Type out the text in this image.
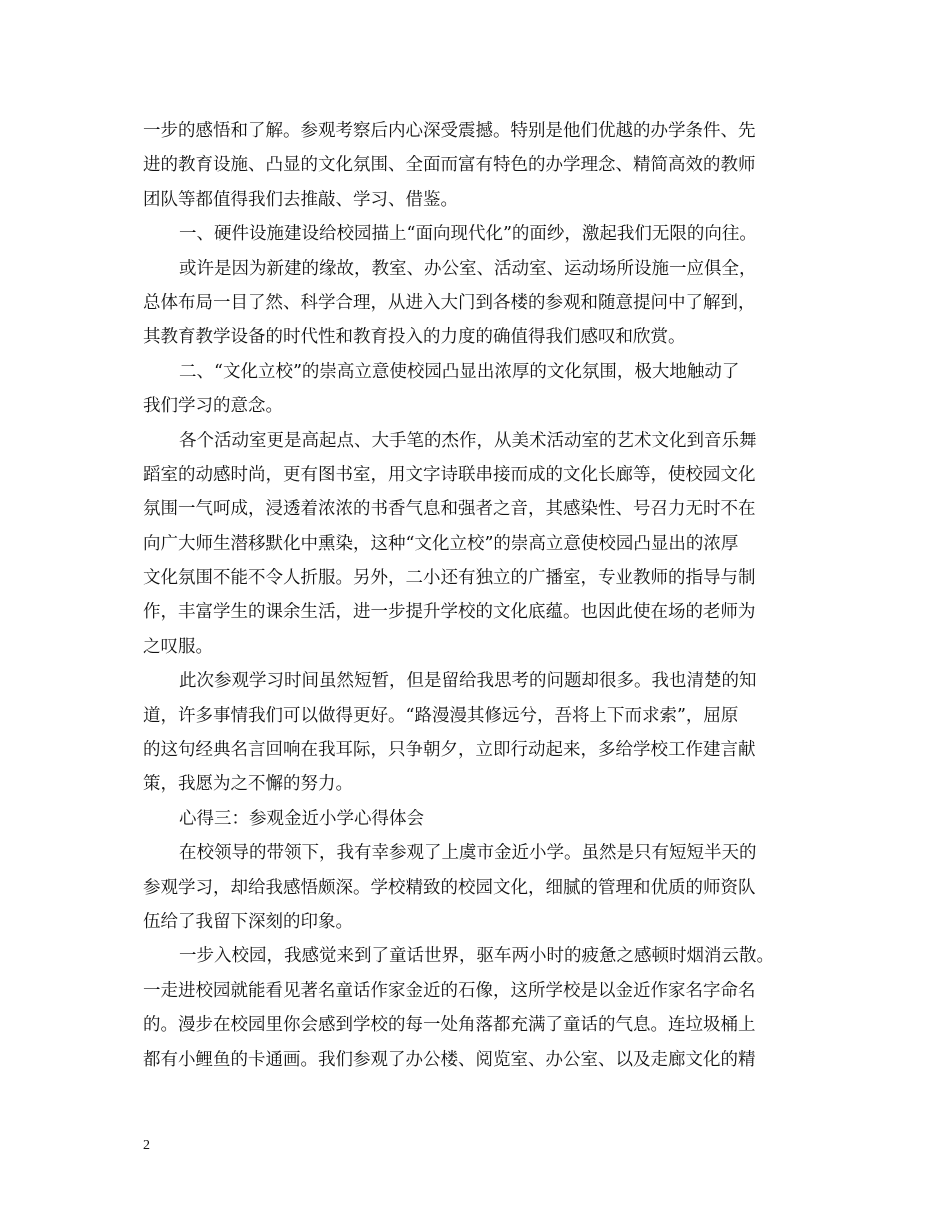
一步的感悟和了解。参观考察后内心深受震撼。特别是他们优越的办学条件、先
进的教育设施、凸显的文化氛围、全面而富有特色的办学理念、精简高效的教师
团队等都值得我们去推敲、学习、借鉴。
一、硬件设施建设给校园描上“面向现代化”的面纱，激起我们无限的向往。
或许是因为新建的缘故，教室、办公室、活动室、运动场所设施一应俱全，
总体布局一目了然、科学合理，从进入大门到各楼的参观和随意提问中了解到，
其教育教学设备的时代性和教育投入的力度的确值得我们感叹和欣赏。
二、“文化立校”的崇高立意使校园凸显出浓厚的文化氛围，极大地触动了
我们学习的意念。
各个活动室更是高起点、大手笔的杰作，从美术活动室的艺术文化到音乐舞
蹈室的动感时尚，更有图书室，用文字诗联串接而成的文化长廊等，使校园文化
氛围一气呵成，浸透着浓浓的书香气息和强者之音，其感染性、号召力无时不在
向广大师生潜移默化中熏染，这种“文化立校”的崇高立意使校园凸显出的浓厚
文化氛围不能不令人折服。另外，二小还有独立的广播室，专业教师的指导与制
作，丰富学生的课余生活，进一步提升学校的文化底蕴。也因此使在场的老师为
之叹服。
此次参观学习时间虽然短暂，但是留给我思考的问题却很多。我也清楚的知
道，许多事情我们可以做得更好。“路漫漫其修远兮，吾将上下而求索”，屈原
的这句经典名言回响在我耳际，只争朝夕，立即行动起来，多给学校工作建言献
策，我愿为之不懈的努力。
心得三：参观金近小学心得体会
在校领导的带领下，我有幸参观了上虞市金近小学。虽然是只有短短半天的
参观学习，却给我感悟颇深。学校精致的校园文化，细腻的管理和优质的师资队
伍给了我留下深刻的印象。
一步入校园，我感觉来到了童话世界，驱车两小时的疲惫之感顿时烟消云散。
一走进校园就能看见著名童话作家金近的石像，这所学校是以金近作家名字命名
的。漫步在校园里你会感到学校的每一处角落都充满了童话的气息。连垃圾桶上
都有小鲤鱼的卡通画。我们参观了办公楼、阅览室、办公室、以及走廊文化的精
2
